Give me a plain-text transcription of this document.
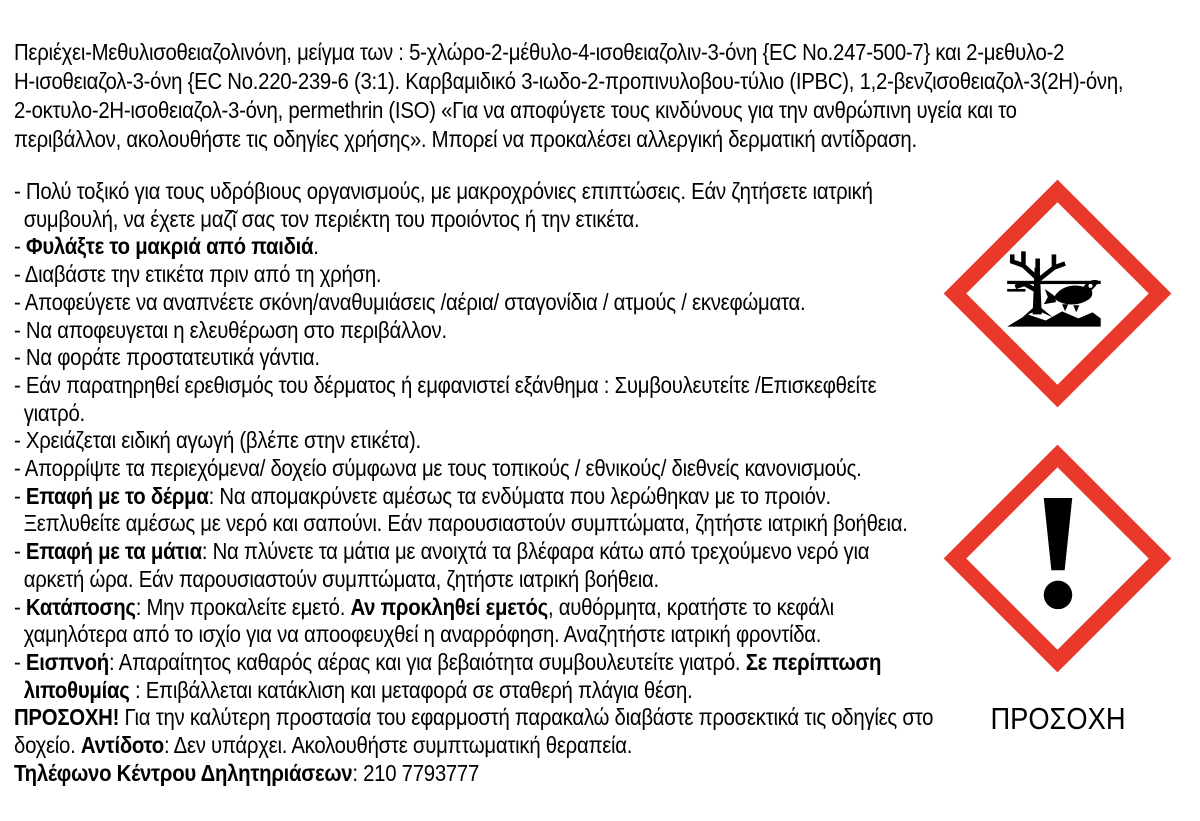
Περιέχει-Μεθυλισοθειαζολινόνη, μείγμα των : 5-χλώρο-2-μέθυλο-4-ισοθειαζολιν-3-όνη {EC No.247-500-7} και 2-μεθυλο-2
Η-ισοθειαζολ-3-όνη {EC No.220-239-6 (3:1). Καρβαμιδικό 3-ιωδο-2-προπινυλοβου-τύλιο (IPBC), 1,2-βενζισοθειαζολ-3(2Η)-όνη,
2-οκτυλο-2Η-ισοθειαζολ-3-όνη, permethrin (ISO) «Για να αποφύγετε τους κινδύνους για την ανθρώπινη υγεία και το
περιβάλλον, ακολουθήστε τις οδηγίες χρήσης». Μπορεί να προκαλέσει αλλεργική δερματική αντίδραση.
- Πολύ τοξικό για τους υδρόβιους οργανισμούς, με μακροχρόνιες επιπτώσεις. Εάν ζητήσετε ιατρική
συμβουλή, να έχετε μαζῖ σας τον περιέκτη του προιόντος ή την ετικέτα.
- Φυλάξτε το μακριά από παιδιά.
- Διαβάστε την ετικέτα πριν από τη χρήση.
- Αποφεύγετε να αναπνέετε σκόνη/αναθυμιάσεις /αέρια/ σταγονίδια / ατμούς / εκνεφώματα.
- Να αποφευγεται η ελευθέρωση στο περιβάλλον.
- Να φοράτε προστατευτικά γάντια.
- Εάν παρατηρηθεί ερεθισμός του δέρματος ή εμφανιστεί εξάνθημα : Συμβουλευτείτε /Επισκεφθείτε
γιατρό.
- Χρειάζεται ειδική αγωγή (βλέπε στην ετικέτα).
- Απορρίψτε τα περιεχόμενα/ δοχείο σύμφωνα με τους τοπικούς / εθνικούς/ διεθνείς κανονισμούς.
- Επαφή με το δέρμα: Να απομακρύνετε αμέσως τα ενδύματα που λερώθηκαν με το προιόν.
Ξεπλυθείτε αμέσως με νερό και σαπούνι. Εάν παρουσιαστούν συμπτώματα, ζητήστε ιατρική βοήθεια.
- Επαφή με τα μάτια: Να πλύνετε τα μάτια με ανοιχτά τα βλέφαρα κάτω από τρεχούμενο νερό για
αρκετή ώρα. Εάν παρουσιαστούν συμπτώματα, ζητήστε ιατρική βοήθεια.
- Κατάποσης: Μην προκαλείτε εμετό. Αν προκληθεί εμετός, αυθόρμητα, κρατήστε το κεφάλι
χαμηλότερα από το ισχίο για να αποοφευχθεί η αναρρόφηση. Αναζητήστε ιατρική φροντίδα.
- Εισπνοή: Απαραίτητος καθαρός αέρας και για βεβαιότητα συμβουλευτείτε γιατρό. Σε περίπτωση
λιποθυμίας : Επιβάλλεται κατάκλιση και μεταφορά σε σταθερή πλάγια θέση.
ΠΡΟΣΟΧΗ! Για την καλύτερη προστασία του εφαρμοστή παρακαλώ διαβάστε προσεκτικά τις οδηγίες στο
δοχείο. Αντίδοτο: Δεν υπάρχει. Ακολουθήστε συμπτωματική θεραπεία.
Τηλέφωνο Κέντρου Δηλητηριάσεων: 210 7793777
ΠΡΟΣΟΧΗ
